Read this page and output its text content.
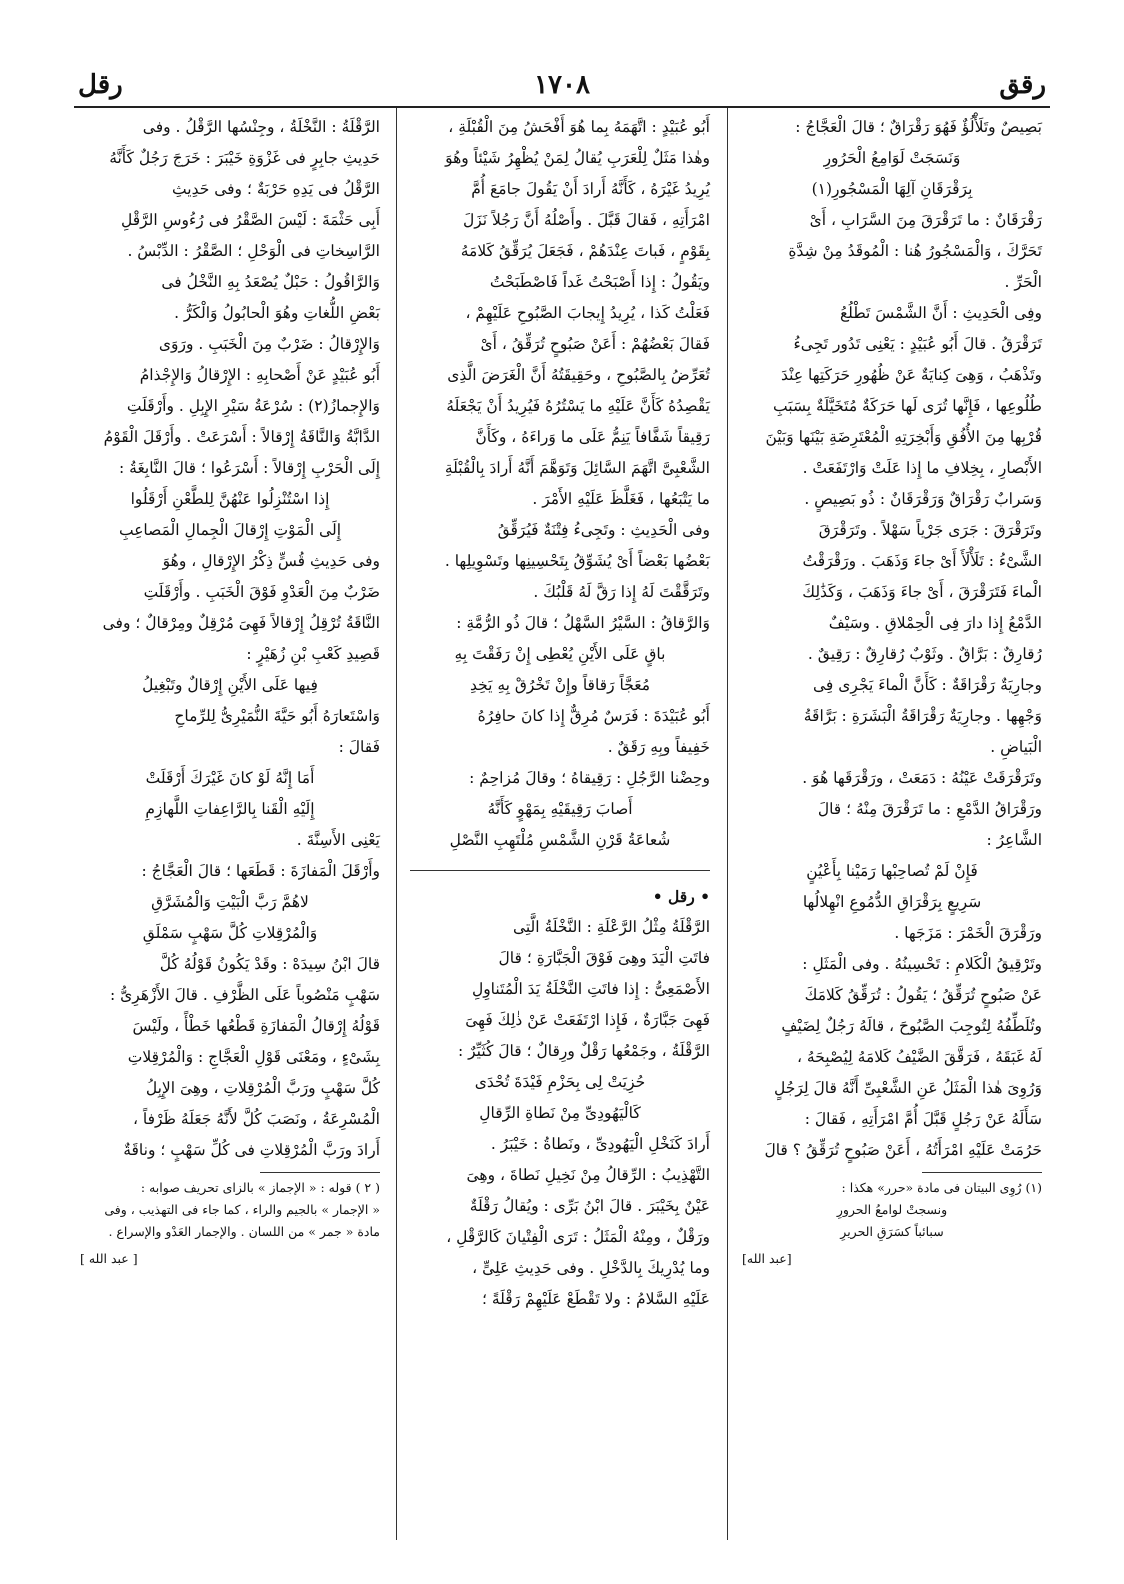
رقق
١٧٠٨
رقل

بَصِيصٌ وتَلَأْلُؤٌ فَهُوَ رَقْرَاقٌ ؛ قالَ الْعَجَّاجُ :

وَنَسَجَتْ لَوَامِعُ الْحَرُورِ

بِرَقْرَقَانِ آلِهَا الْمَسْجُورِ(١)

رَقْرَقَانٌ : ما تَرَقْرَقَ مِنَ السَّرَابِ ، أَىْ

تَحَرَّكَ ، وَالْمَسْجُورُ هُنا : الْمُوقَدُ مِنْ شِدَّةِ

الْحَرِّ .

وفِى الْحَدِيثِ : أَنَّ الشَّمْسَ تَطْلُعُ

تَرَقْرَقُ . قالَ أَبُو عُبَيْدٍ : يَعْنِى تَدُور تَجِىءُ

وتَذْهَبُ ، وَهِىَ كِنايَةٌ عَنْ ظُهُورِ حَرَكَتِها عِنْدَ

طُلُوعِها ، فَإِنَّها تُرَى لَها حَرَكَةٌ مُتَخَيَّلَةٌ بِسَبَبِ

قُرْبِها مِنَ الأُفُقِ وَأَبْخِرَتِهِ الْمُعْتَرِضَةِ بَيْنَها وَبَيْنَ

الأَبْصارِ ، بِخِلافِ ما إِذا عَلَتْ وَارْتَفَعَتْ .

وَسَرابٌ رَقْرَاقٌ وَرَقْرَقَانٌ : ذُو بَصِيصٍ .

وتَرَقْرَقَ : جَرَى جَرْياً سَهْلاً . وتَرَقْرَقَ

الشَّىْءُ : تَلَأْلَأَ أَىْ جاءَ وَذَهَبَ . ورَقْرَقْتُ

الْماءَ فَتَرَقْرَقَ ، أَىْ جاءَ وَذَهَبَ ، وَكَذَٰلِكَ

الدَّمْعُ إِذا دارَ فِى الْحِمْلاقِ . وسَيْفٌ

رُقارِقٌ : بَرَّاقٌ . وثَوْبٌ رُقارِقٌ : رَقِيقٌ .

وجارِيَةٌ رَقْرَاقَةٌ : كَأَنَّ الْماءَ يَجْرِى فِى

وَجْهِها . وجارِيَةٌ رَقْرَاقَةُ الْبَشَرَةِ : بَرَّاقَةُ

الْبَياضِ .

وتَرَقْرَقَتْ عَيْنُهُ : دَمَعَتْ ، ورَقْرَقَها هُوَ .

ورَقْرَاقُ الدَّمْعِ : ما تَرَقْرَقَ مِنْهُ ؛ قالَ

الشَّاعِرُ :

فَإِنْ لَمْ تُصاحِبْها رَمَيْنا بِأَعْيُنٍ

سَرِيعٍ بِرَقْرَاقِ الدُّمُوعِ انْهِلالُها

ورَقْرَقَ الْخَمْرَ : مَزَجَها .

وتَرْقِيقُ الْكَلامِ : تَحْسِينُهُ . وفى الْمَثَلِ :

عَنْ صَبُوحٍ تُرَقِّقُ ؛ يَقُولُ : تُرَقِّقُ كَلامَكَ

وتُلَطِّفُهُ لِتُوجِبَ الصَّبُوحَ ، قالَهُ رَجُلٌ لِضَيْفٍ

لَهُ غَبَقَهُ ، فَرَقَّقَ الضَّيْفُ كَلامَهُ لِيُصْبِحَهُ ،

وَرُوِىَ هٰذا الْمَثَلُ عَنِ الشَّعْبِىِّ أَنَّهُ قالَ لِرَجُلٍ

سَأَلَهُ عَنْ رَجُلٍ قَبَّلَ أُمَّ امْرَأَتِهِ ، فَقالَ :

حَرُمَتْ عَلَيْهِ امْرَأَتُهُ ، أَعَنْ صَبُوحٍ تُرَقِّقُ ؟ قالَ

(١) رُوِى البيتان فى مادة «حرر» هكذا :

ونسجتْ لوامعُ الحرورِ

سبائباً كسَرَقِ الحريرِ

[عبد الله]

أَبُو عُبَيْدٍ : اتَّهَمَهُ بِما هُوَ أَفْحَشُ مِنَ الْقُبْلَةِ ،

وهٰذا مَثَلٌ لِلْعَرَبِ يُقالُ لِمَنْ يُظْهِرُ شَيْئاً وهُوَ

يُرِيدُ غَيْرَهُ ، كَأَنَّهُ أَرادَ أَنْ يَقُولَ جامَعَ أُمَّ

امْرَأَتِهِ ، فَقالَ قَبَّلَ . وأَصْلُهُ أَنَّ رَجُلاً نَزَلَ

بِقَوْمٍ ، فَباتَ عِنْدَهُمْ ، فَجَعَلَ يُرَقِّقُ كَلامَهُ

ويَقُولُ : إِذا أَصْبَحْتُ غَداً فَاصْطَبَحْتُ

فَعَلْتُ كَذا ، يُرِيدُ إِيجابَ الصَّبُوحِ عَلَيْهِمْ ،

فَقالَ بَعْضُهُمْ : أَعَنْ صَبُوحٍ تُرَقِّقُ ، أَىْ

تُعَرِّضُ بِالصَّبُوحِ ، وحَقِيقَتُهُ أَنَّ الْغَرَضَ الَّذِى

يَقْصِدُهُ كَأَنَّ عَلَيْهِ ما يَسْتُرُهُ فَيُرِيدُ أَنْ يَجْعَلَهُ

رَقِيقاً شَفَّافاً يَنِمُّ عَلَى ما وَراءَهُ ، وكَأَنَّ

الشَّعْبِىَّ اتَّهَمَ السَّائِلَ وَتَوَهَّمَ أَنَّهُ أَرادَ بِالْقُبْلَةِ

ما يَتْبَعُها ، فَغَلَّظَ عَلَيْهِ الأَمْرَ .

وفى الْحَدِيثِ : وتَجِىءُ فِتْنَةٌ فَيُرَقِّقُ

بَعْضُها بَعْضاً أَىْ يُشَوِّقُ بِتَحْسِينِها وتَسْوِيلِها .

وتَرَقَّقْتَ لَهُ إِذا رَقَّ لَهُ قَلْبُكَ .

وَالرَّقاقُ : السَّيْرُ السَّهْلُ ؛ قالَ ذُو الرُّمَّةِ :

باقٍ عَلَى الأَيْنِ يُعْطِى إِنْ رَفَقْتَ بِهِ

مُعَجَّاً رَقاقاً وإِنْ تَخْرُقْ بِهِ يَخِدِ

أَبُو عُبَيْدَةَ : فَرَسٌ مُرِقٌّ إِذا كانَ حافِرُهُ

خَفِيفاً وبِهِ رَقَقٌ .

وحِضْنا الرَّجُلِ : رَقِيقاهُ ؛ وقالَ مُزاحِمٌ :

أَصابَ رَقِيقَيْهِ بِمَهْوٍ كَأَنَّهُ

شُعاعَةُ قَرْنِ الشَّمْسِ مُلْتَهِبِ النَّصْلِ

• رقل •

الرَّقْلَةُ مِثْلُ الرَّعْلَةِ : النَّخْلَةُ الَّتِى

فاتَتِ الْيَدَ وهِىَ فَوْقَ الْجَبَّارَةِ ؛ قالَ

الأَصْمَعِىُّ : إِذا فاتَتِ النَّخْلَةُ يَدَ الْمُتَناوِلِ

فَهِىَ جَبَّارَةٌ ، فَإِذا ارْتَفَعَتْ عَنْ ذٰلِكَ فَهِىَ

الرَّقْلَةُ ، وجَمْعُها رَقْلٌ ورِقالٌ ؛ قالَ كُثَيِّرٌ :

حُزِيَتْ لِى بِحَزْمِ فَيْدَةَ تُحْدَى

كَالْيَهُودِىِّ مِنْ نَطاةِ الرِّقالِ

أَرادَ كَنَخْلِ الْيَهُودِىِّ ، ونَطاةُ : خَيْبَرُ .

التَّهْذِيبُ : الرِّقالُ مِنْ نَخِيلِ نَطاةَ ، وهِىَ

عَيْنٌ بِخَيْبَرَ . قالَ ابْنُ بَرِّى : ويُقالُ رَقْلَةٌ

ورَقْلٌ ، ومِنْهُ الْمَثَلُ : تَرَى الْفِتْيانَ كَالرَّقْلِ ،

وما يُدْرِيكَ بِالدَّخْلِ . وفى حَدِيثِ عَلِىٍّ ،

عَلَيْهِ السَّلامُ : ولا تَقْطَعْ عَلَيْهِمْ رَقْلَةً ؛

الرَّقْلَةُ : النَّخْلَةُ ، وجِنْسُها الرَّقْلُ . وفى

حَدِيثِ جابِرٍ فى غَزْوَةِ خَيْبَرَ : خَرَجَ رَجُلٌ كَأَنَّهُ

الرَّقْلُ فى يَدِهِ حَرْبَةٌ ؛ وفى حَدِيثِ

أَبِى حَثْمَةَ : لَيْسَ الصَّقْرُ فى رُءُوسِ الرَّقْلِ

الرَّاسِخاتِ فى الْوَحْلِ ؛ الصَّقْرُ : الدِّبْسُ .

وَالرَّاقُولُ : حَبْلٌ يُصْعَدُ بِهِ النَّخْلُ فى

بَعْضِ اللُّغاتِ وهُوَ الْحابُولُ وَالْكَرُّ .

وَالإِرْقالُ : ضَرْبٌ مِنَ الْخَبَبِ . ورَوَى

أَبُو عُبَيْدٍ عَنْ أَصْحابِهِ : الإِرْقالُ وَالإِجْذامُ

وَالإِجمازُ(٢) : سُرْعَةُ سَيْرِ الإِبِلِ . وأَرْقَلَتِ

الدَّابَّةُ وَالنَّاقَةُ إِرْقالاً : أَسْرَعَتْ . وأَرْقَلَ الْقَوْمُ

إِلَى الْحَرْبِ إِرْقالاً : أَسْرَعُوا ؛ قالَ النَّابِغَةُ :

إِذا اسْتُنْزِلُوا عَنْهُنَّ لِلطَّعْنِ أَرْقَلُوا

إِلَى الْمَوْتِ إِرْقالَ الْجِمالِ الْمَصاعِبِ

وفى حَدِيثِ قُسٍّ ذِكْرُ الإِرْقالِ ، وهُوَ

ضَرْبٌ مِنَ الْعَدْوِ فَوْقَ الْخَبَبِ . وأَرْقَلَتِ

النَّاقَةُ تُرْقِلُ إِرْقالاً فَهِىَ مُرْقِلٌ ومِرْقالٌ ؛ وفى

قَصِيدِ كَعْبِ بْنِ زُهَيْرٍ :

فِيها عَلَى الأَيْنِ إِرْقالٌ وتَبْغِيلُ

وَاسْتَعارَهُ أَبُو حَيَّةَ النُّمَيْرِىُّ لِلرِّماحِ

فَقالَ :

أَمَا إِنَّهُ لَوْ كانَ غَيْرَكَ أَرْقَلَتْ

إِلَيْهِ الْقَنا بِالرَّاعِفاتِ اللَّهازِمِ

يَعْنِى الأَسِنَّةَ .

وأَرْقَلَ الْمَفازَةَ : قَطَعَها ؛ قالَ الْعَجَّاجُ :

لاهُمَّ رَبَّ الْبَيْتِ وَالْمُشَرَّقِ

وَالْمُرْقِلاتِ كُلَّ سَهْبٍ سَمْلَقِ

قالَ ابْنُ سِيدَهْ : وقَدْ يَكُونُ قَوْلُهُ كُلَّ

سَهْبٍ مَنْصُوباً عَلَى الظَّرْفِ . قالَ الأَزْهَرِىُّ :

قَوْلُهُ إِرْقالُ الْمَفازَةِ قَطْعُها خَطْأً ، ولَيْسَ

بِشَىْءٍ ، ومَعْنَى قَوْلِ الْعَجَّاجِ : وَالْمُرْقِلاتِ

كُلَّ سَهْبٍ ورَبَّ الْمُرْقِلاتِ ، وهِىَ الإِبِلُ

الْمُسْرِعَةُ ، ونَصَبَ كُلَّ لأَنَّهُ جَعَلَهُ ظَرْفاً ،

أَرادَ ورَبَّ الْمُرْقِلاتِ فى كُلِّ سَهْبٍ ؛ وناقَةٌ

( ٢ ) قوله : « الإجماز » بالزاى تحريف صوابه :

« الإجمار » بالجيم والراء ، كما جاء فى التهذيب ، وفى

مادة « جمر » من اللسان . والإجمار العَدْو والإسراع .

[ عبد الله ]
